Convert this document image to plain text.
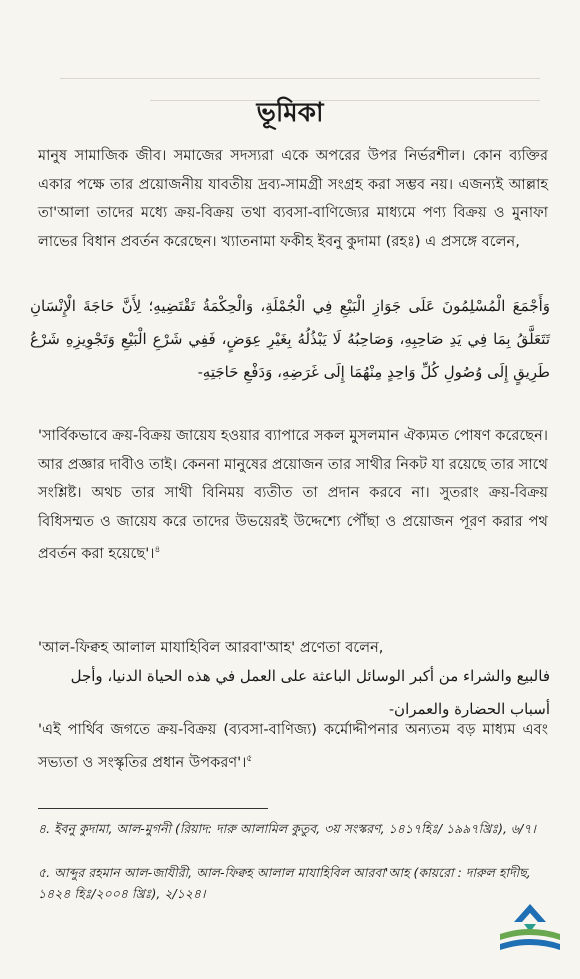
ভূমিকা
মানুষ সামাজিক জীব। সমাজের সদস্যরা একে অপরের উপর নির্ভরশীল। কোন ব্যক্তির একার পক্ষে তার প্রয়োজনীয় যাবতীয় দ্রব্য-সামগ্রী সংগ্রহ করা সম্ভব নয়। এজন্যই আল্লাহ তা'আলা তাদের মধ্যে ক্রয়-বিক্রয় তথা ব্যবসা-বাণিজ্যের মাধ্যমে পণ্য বিক্রয় ও মুনাফা লাভের বিধান প্রবর্তন করেছেন। খ্যাতনামা ফকীহ ইবনু কুদামা (রহঃ) এ প্রসঙ্গে বলেন,
وَأَجْمَعَ الْمُسْلِمُونَ عَلَى جَوَازِ الْبَيْعِ فِي الْجُمْلَةِ، وَالْحِكْمَةُ تَقْتَضِيهِ؛ لِأَنَّ حَاجَةَ الْإِنْسَانِ تَتَعَلَّقُ بِمَا فِي يَدِ صَاحِبِهِ، وَصَاحِبُهُ لَا يَبْذُلُهُ بِغَيْرِ عِوَضٍ، فَفِي شَرْعِ الْبَيْعِ وَتَجْوِيزِهِ شَرْعُ طَرِيقٍ إِلَى وُصُولِ كُلِّ وَاحِدٍ مِنْهُمَا إِلَى غَرَضِهِ، وَدَفْعِ حَاجَتِهِ-
'সার্বিকভাবে ক্রয়-বিক্রয় জায়েয হওয়ার ব্যাপারে সকল মুসলমান ঐক্যমত পোষণ করেছেন। আর প্রজ্ঞার দাবীও তাই। কেননা মানুষের প্রয়োজন তার সাথীর নিকট যা রয়েছে তার সাথে সংশ্লিষ্ট। অথচ তার সাথী বিনিময় ব্যতীত তা প্রদান করবে না। সুতরাং ক্রয়-বিক্রয় বিধিসম্মত ও জায়েয করে তাদের উভয়েরই উদ্দেশ্যে পৌঁছা ও প্রয়োজন পূরণ করার পথ প্রবর্তন করা হয়েছে'।$^৪$
'আল-ফিক্বহ আলাল মাযাহিবিল আরবা'আহ' প্রণেতা বলেন,
فالبيع والشراء من أكبر الوسائل الباعثة على العمل في هذه الحياة الدنيا، وأجل أسباب الحضارة والعمران-
'এই পার্থিব জগতে ক্রয়-বিক্রয় (ব্যবসা-বাণিজ্য) কর্মোদ্দীপনার অন্যতম বড় মাধ্যম এবং সভ্যতা ও সংস্কৃতির প্রধান উপকরণ'।$^৫$
৪. ইবনু কুদামা, আল-মুগনী (রিয়াদ: দারু আলামিল কুতুব, ৩য় সংস্করণ, ১৪১৭হিঃ/ ১৯৯৭খ্রিঃ), ৬/৭।
৫. আব্দুর রহমান আল-জাযীরী, আল-ফিক্বহ আলাল মাযাহিবিল আরবা'আহ (কায়রো : দারুল হাদীছ, ১৪২৪ হিঃ/২০০৪ খ্রিঃ), ২/১২৪।
